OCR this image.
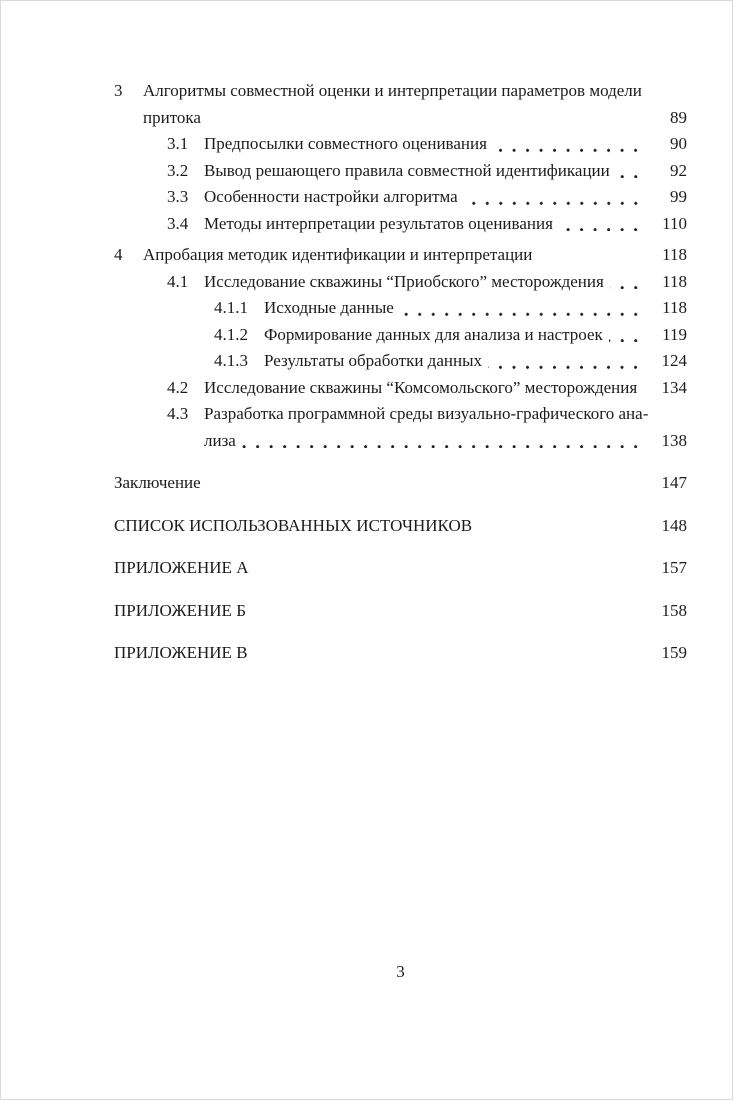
3	Алгоритмы совместной оценки и интерпретации параметров модели
притока	89
3.1 Предпосылки совместного оценивания	90
3.2 Вывод решающего правила совместной идентификации	92
3.3 Особенности настройки алгоритма	99
3.4 Методы интерпретации результатов оценивания	110
4	Апробация методик идентификации и интерпретации	118
4.1 Исследование скважины “Приобского” месторождения	118
4.1.1 Исходные данные	118
4.1.2 Формирование данных для анализа и настроек	119
4.1.3 Результаты обработки данных	124
4.2 Исследование скважины “Комсомольского” месторождения	134
4.3 Разработка программной среды визуально-графического ана-
лиза	138
Заключение	147
СПИСОК ИСПОЛЬЗОВАННЫХ ИСТОЧНИКОВ	148
ПРИЛОЖЕНИЕ А	157
ПРИЛОЖЕНИЕ Б	158
ПРИЛОЖЕНИЕ В	159
3
